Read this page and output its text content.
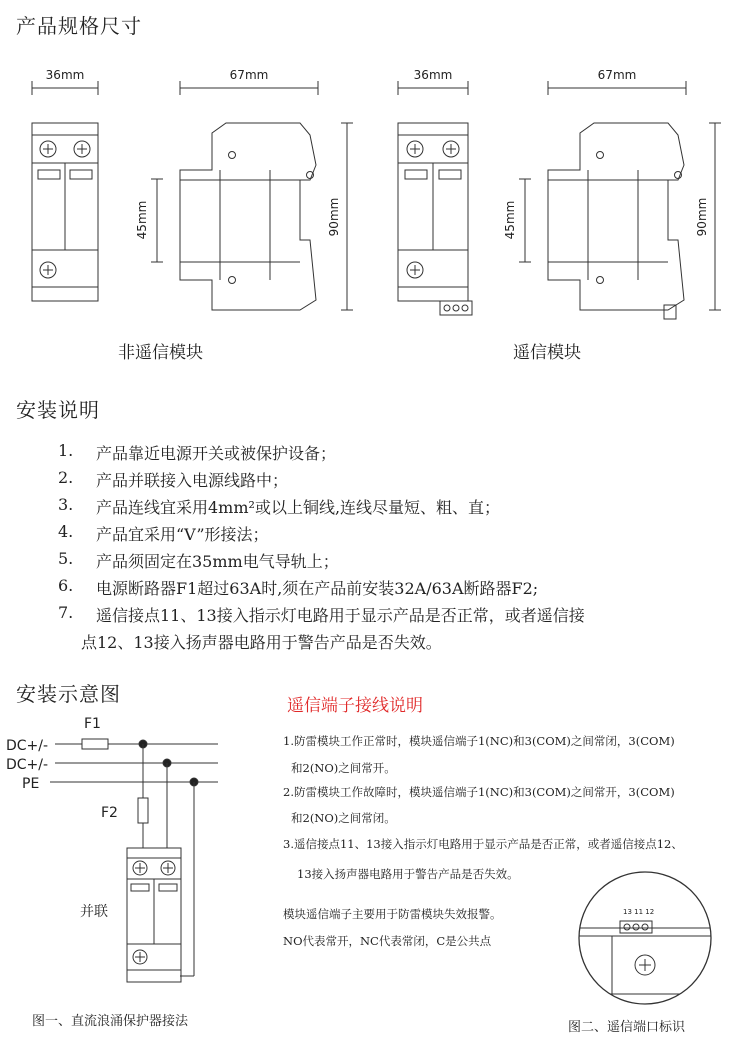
产品规格尺寸
36mm	67mm	36mm	67mm
45mm	90mm	45mm	90mm
非遥信模块	遥信模块
安装说明
1. 产品靠近电源开关或被保护设备；
2. 产品并联接入电源线路中；
3. 产品连线宜采用4mm²或以上铜线,连线尽量短、粗、直；
4. 产品宜采用“V”形接法；
5. 产品须固定在35mm电气导轨上；
6. 电源断路器F1超过63A时,须在产品前安装32A/63A断路器F2;
7. 遥信接点11、13接入指示灯电路用于显示产品是否正常，或者遥信接
点12、13接入扬声器电路用于警告产品是否失效。
安装示意图
DC+/-
DC+/-
PE
F1
F2
并联
图一、直流浪涌保护器接法
遥信端子接线说明
1.防雷模块工作正常时，模块遥信端子1(NC)和3(COM)之间常闭，3(COM)
和2(NO)之间常开。
2.防雷模块工作故障时，模块遥信端子1(NC)和3(COM)之间常开，3(COM)
和2(NO)之间常闭。
3.遥信接点11、13接入指示灯电路用于显示产品是否正常，或者遥信接点12、
13接入扬声器电路用于警告产品是否失效。
模块遥信端子主要用于防雷模块失效报警。
NO代表常开，NC代表常闭，C是公共点
13 11 12
图二、遥信端口标识
